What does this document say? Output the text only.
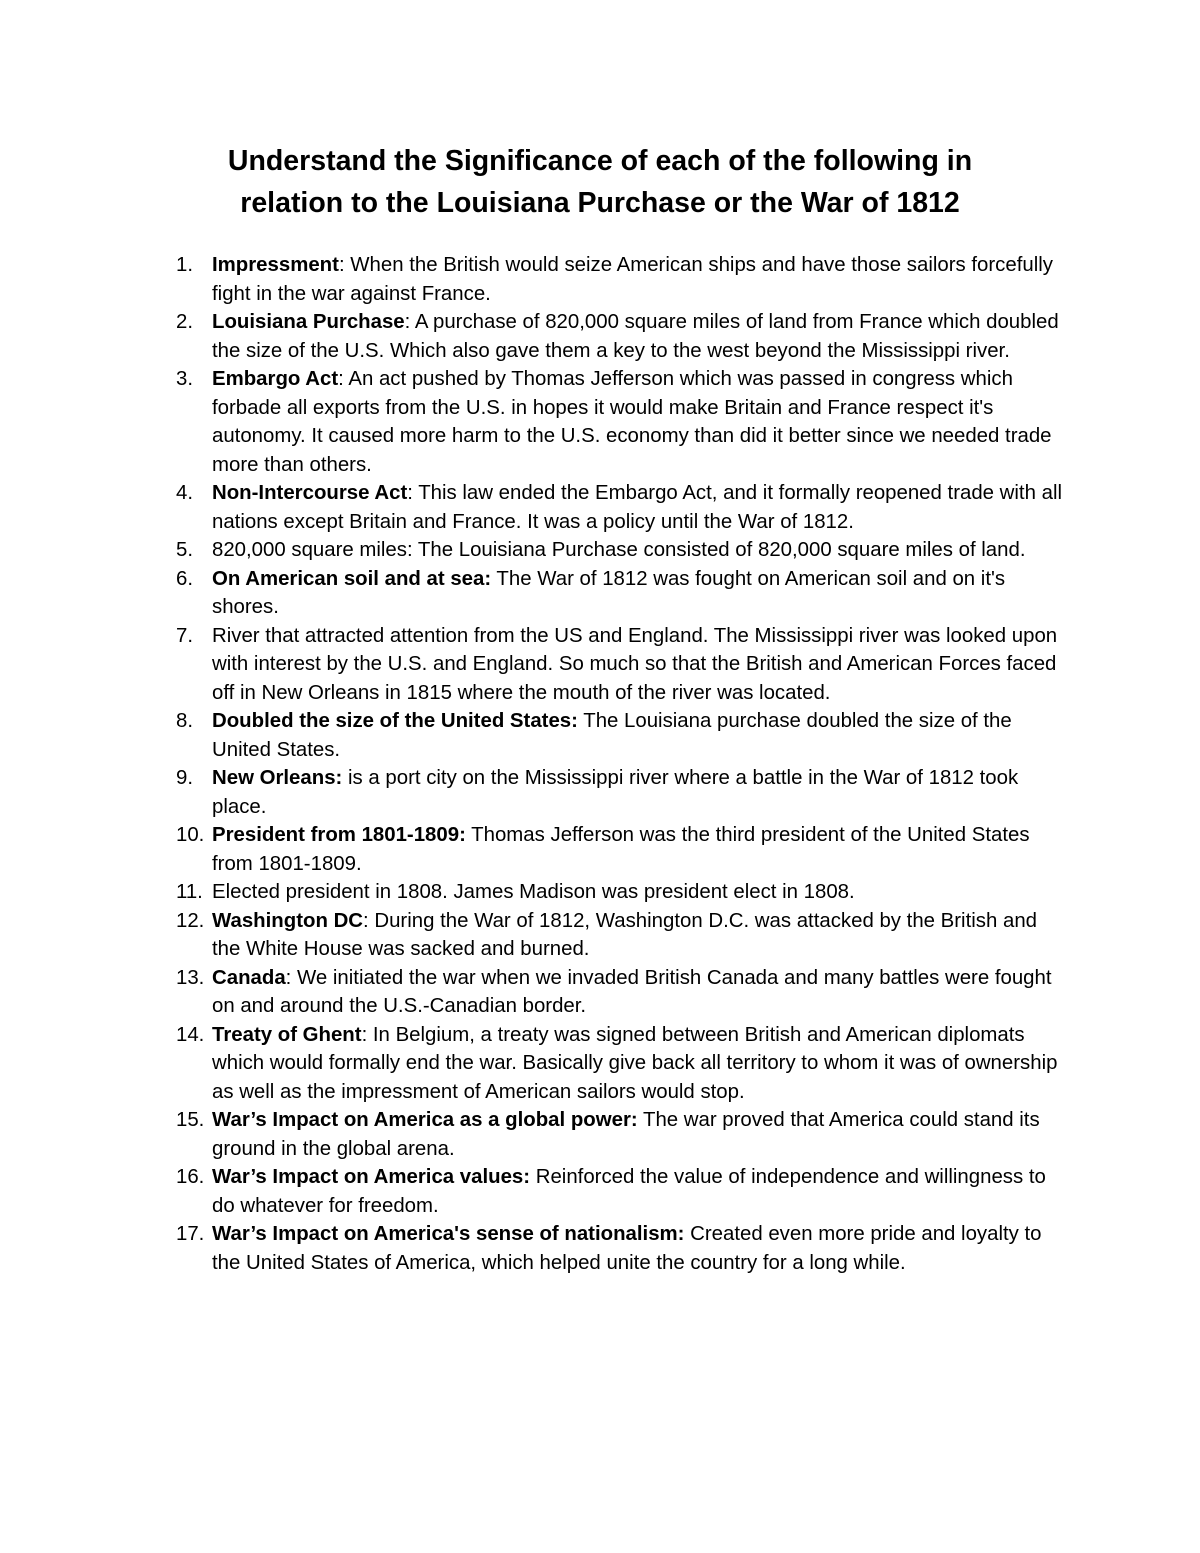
Understand the Significance of each of the following in
relation to the Louisiana Purchase or the War of 1812
1. Impressment: When the British would seize American ships and have those sailors forcefully fight in the war against France.
2. Louisiana Purchase: A purchase of 820,000 square miles of land from France which doubled the size of the U.S. Which also gave them a key to the west beyond the Mississippi river.
3. Embargo Act: An act pushed by Thomas Jefferson which was passed in congress which forbade all exports from the U.S. in hopes it would make Britain and France respect it's autonomy. It caused more harm to the U.S. economy than did it better since we needed trade more than others.
4. Non-Intercourse Act: This law ended the Embargo Act, and it formally reopened trade with all nations except Britain and France. It was a policy until the War of 1812.
5. 820,000 square miles: The Louisiana Purchase consisted of 820,000 square miles of land.
6. On American soil and at sea: The War of 1812 was fought on American soil and on it's shores.
7. River that attracted attention from the US and England. The Mississippi river was looked upon with interest by the U.S. and England. So much so that the British and American Forces faced off in New Orleans in 1815 where the mouth of the river was located.
8. Doubled the size of the United States: The Louisiana purchase doubled the size of the United States.
9. New Orleans: is a port city on the Mississippi river where a battle in the War of 1812 took place.
10. President from 1801-1809: Thomas Jefferson was the third president of the United States from 1801-1809.
11. Elected president in 1808. James Madison was president elect in 1808.
12. Washington DC: During the War of 1812, Washington D.C. was attacked by the British and the White House was sacked and burned.
13. Canada: We initiated the war when we invaded British Canada and many battles were fought on and around the U.S.-Canadian border.
14. Treaty of Ghent: In Belgium, a treaty was signed between British and American diplomats which would formally end the war. Basically give back all territory to whom it was of ownership as well as the impressment of American sailors would stop.
15. War’s Impact on America as a global power: The war proved that America could stand its ground in the global arena.
16. War’s Impact on America values: Reinforced the value of independence and willingness to do whatever for freedom.
17. War’s Impact on America's sense of nationalism: Created even more pride and loyalty to the United States of America, which helped unite the country for a long while.
